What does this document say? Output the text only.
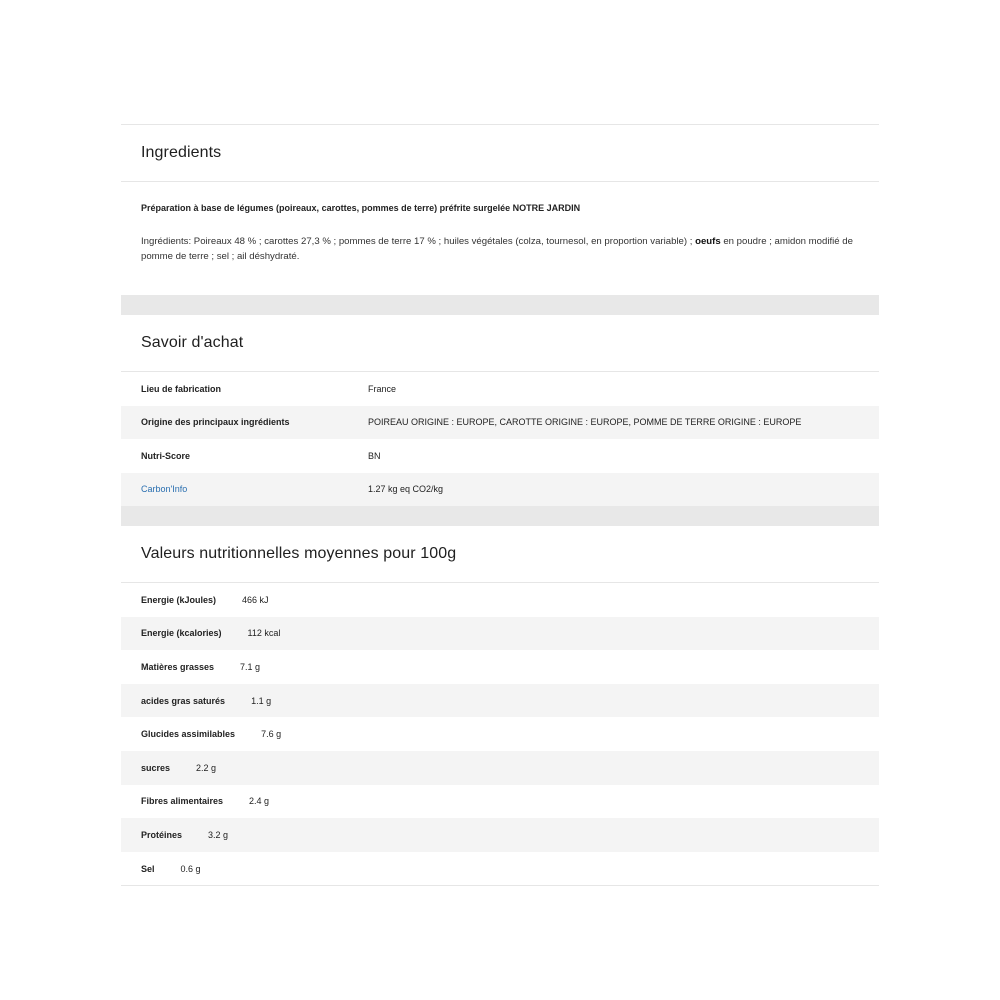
Ingredients
Préparation à base de légumes (poireaux, carottes, pommes de terre) préfrite surgelée NOTRE JARDIN
Ingrédients: Poireaux 48 % ; carottes 27,3 % ; pommes de terre 17 % ; huiles végétales (colza, tournesol, en proportion variable) ; oeufs en poudre ; amidon modifié de pomme de terre ; sel ; ail déshydraté.
Savoir d'achat
Lieu de fabrication	France
Origine des principaux ingrédients	POIREAU ORIGINE : EUROPE, CAROTTE ORIGINE : EUROPE, POMME DE TERRE ORIGINE : EUROPE
Nutri-Score	BN
Carbon'Info	1.27 kg eq CO2/kg
Valeurs nutritionnelles moyennes pour 100g
Energie (kJoules)	466 kJ
Energie (kcalories)	112 kcal
Matières grasses	7.1 g
acides gras saturés	1.1 g
Glucides assimilables	7.6 g
sucres	2.2 g
Fibres alimentaires	2.4 g
Protéines	3.2 g
Sel	0.6 g
